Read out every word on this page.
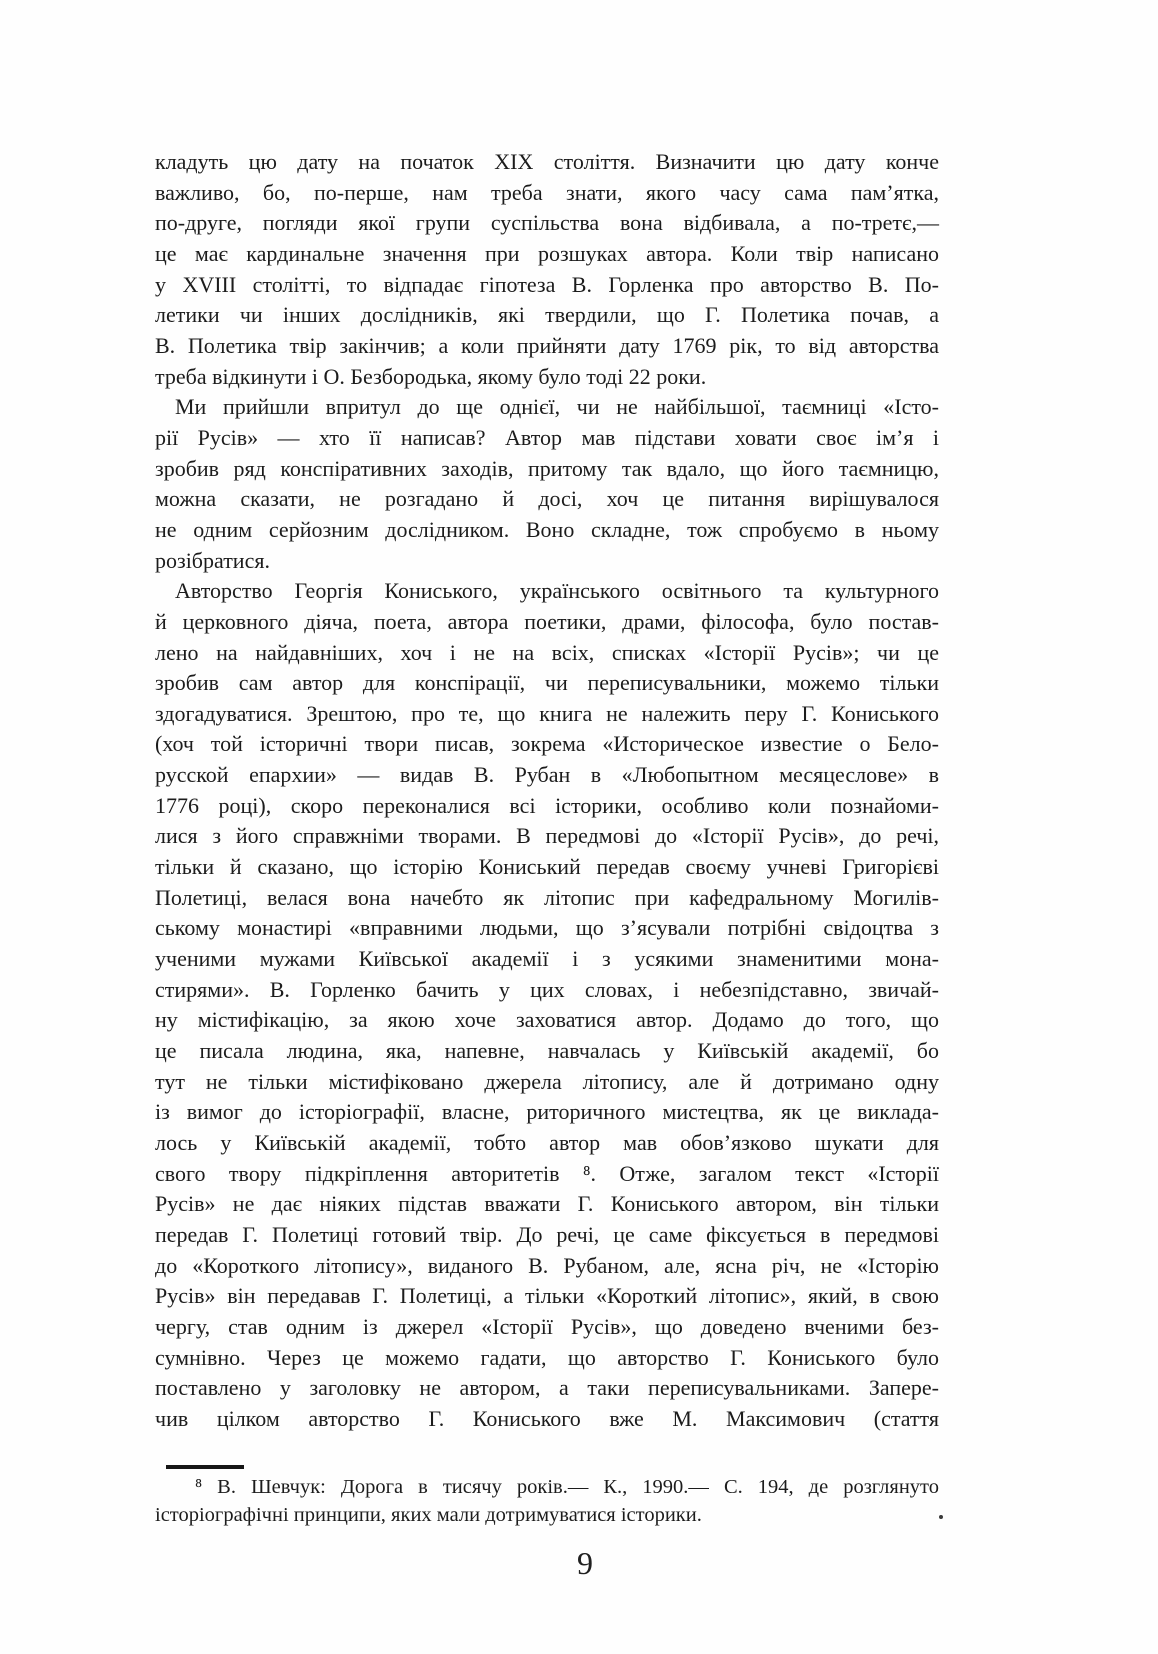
кладуть цю дату на початок XIX століття. Визначити цю дату конче
важливо, бо, по-перше, нам треба знати, якого часу сама пам’ятка,
по-друге, погляди якої групи суспільства вона відбивала, а по-третє,—
це має кардинальне значення при розшуках автора. Коли твір написано
у XVIII столітті, то відпадає гіпотеза В. Горленка про авторство В. По-
летики чи інших дослідників, які твердили, що Г. Полетика почав, а
В. Полетика твір закінчив; а коли прийняти дату 1769 рік, то від авторства
треба відкинути і О. Безбородька, якому було тоді 22 роки.
Ми прийшли впритул до ще однієї, чи не найбільшої, таємниці «Істо-
рії Русів» — хто її написав? Автор мав підстави ховати своє ім’я і
зробив ряд конспіративних заходів, притому так вдало, що його таємницю,
можна сказати, не розгадано й досі, хоч це питання вирішувалося
не одним серйозним дослідником. Воно складне, тож спробуємо в ньому
розібратися.
Авторство Георгія Кониського, українського освітнього та культурного
й церковного діяча, поета, автора поетики, драми, філософа, було постав-
лено на найдавніших, хоч і не на всіх, списках «Історії Русів»; чи це
зробив сам автор для конспірації, чи переписувальники, можемо тільки
здогадуватися. Зрештою, про те, що книга не належить перу Г. Кониського
(хоч той історичні твори писав, зокрема «Историческое известие о Бело-
русской епархии» — видав В. Рубан в «Любопытном месяцеслове» в
1776 році), скоро переконалися всі історики, особливо коли познайоми-
лися з його справжніми творами. В передмові до «Історії Русів», до речі,
тільки й сказано, що історію Кониський передав своєму учневі Григорієві
Полетиці, велася вона начебто як літопис при кафедральному Могилів-
ському монастирі «вправними людьми, що з’ясували потрібні свідоцтва з
ученими мужами Київської академії і з усякими знаменитими мона-
стирями». В. Горленко бачить у цих словах, і небезпідставно, звичай-
ну містифікацію, за якою хоче заховатися автор. Додамо до того, що
це писала людина, яка, напевне, навчалась у Київській академії, бо
тут не тільки містифіковано джерела літопису, але й дотримано одну
із вимог до історіографії, власне, риторичного мистецтва, як це виклада-
лось у Київській академії, тобто автор мав обов’язково шукати для
свого твору підкріплення авторитетів ⁸. Отже, загалом текст «Історії
Русів» не дає ніяких підстав вважати Г. Кониського автором, він тільки
передав Г. Полетиці готовий твір. До речі, це саме фіксується в передмові
до «Короткого літопису», виданого В. Рубаном, але, ясна річ, не «Історію
Русів» він передавав Г. Полетиці, а тільки «Короткий літопис», який, в свою
чергу, став одним із джерел «Історії Русів», що доведено вченими без-
сумнівно. Через це можемо гадати, що авторство Г. Кониського було
поставлено у заголовку не автором, а таки переписувальниками. Запере-
чив цілком авторство Г. Кониського вже М. Максимович (стаття
⁸ В. Шевчук: Дорога в тисячу років.— К., 1990.— С. 194, де розглянуто
історіографічні принципи, яких мали дотримуватися історики.
9
